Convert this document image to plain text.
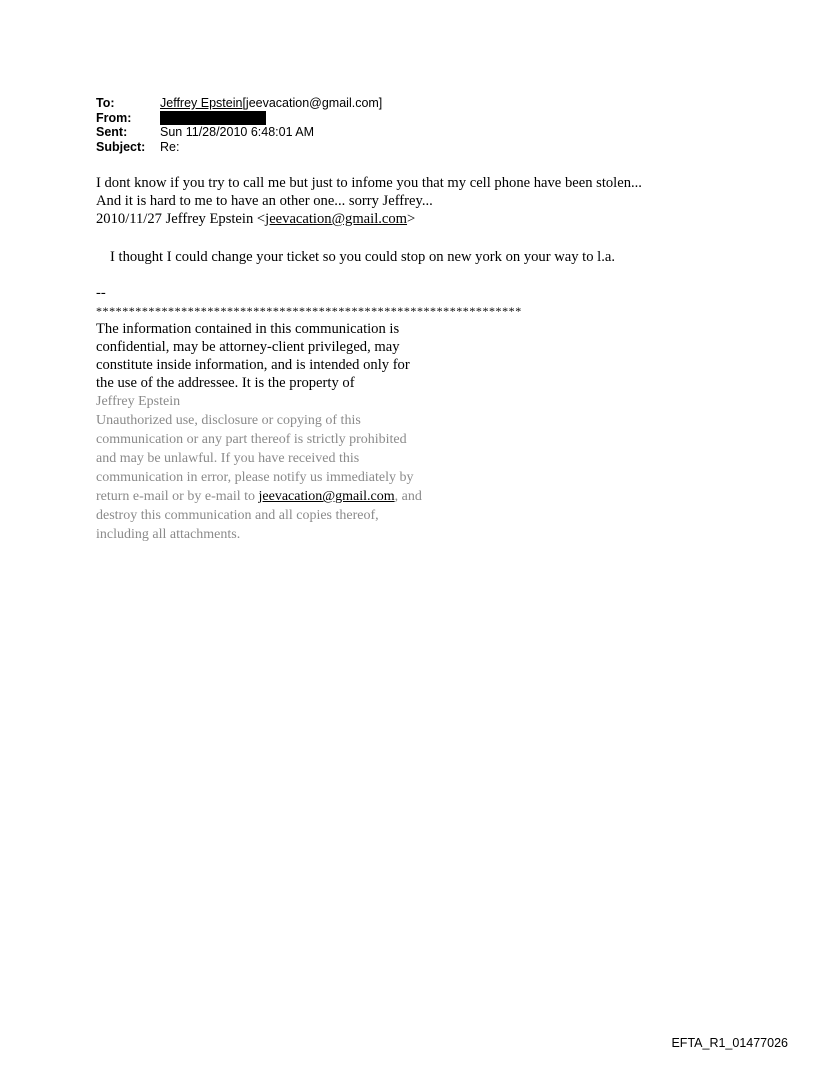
To:	Jeffrey Epstein[jeevacation@gmail.com]
From:
Sent:	Sun 11/28/2010 6:48:01 AM
Subject:	Re:
I dont know if you try to call me but just to infome you that my cell phone have been stolen...
And it is hard to me to have an other one... sorry Jeffrey...
2010/11/27 Jeffrey Epstein <jeevacation@gmail.com>
I thought I could change your ticket so you could stop on new york on your way to l.a.
--
*****************************************************************
The information contained in this communication is
confidential, may be attorney-client privileged, may
constitute inside information, and is intended only for
the use of the addressee. It is the property of
Jeffrey Epstein
Unauthorized use, disclosure or copying of this
communication or any part thereof is strictly prohibited
and may be unlawful. If you have received this
communication in error, please notify us immediately by
return e-mail or by e-mail to jeevacation@gmail.com, and
destroy this communication and all copies thereof,
including all attachments.
EFTA_R1_01477026
